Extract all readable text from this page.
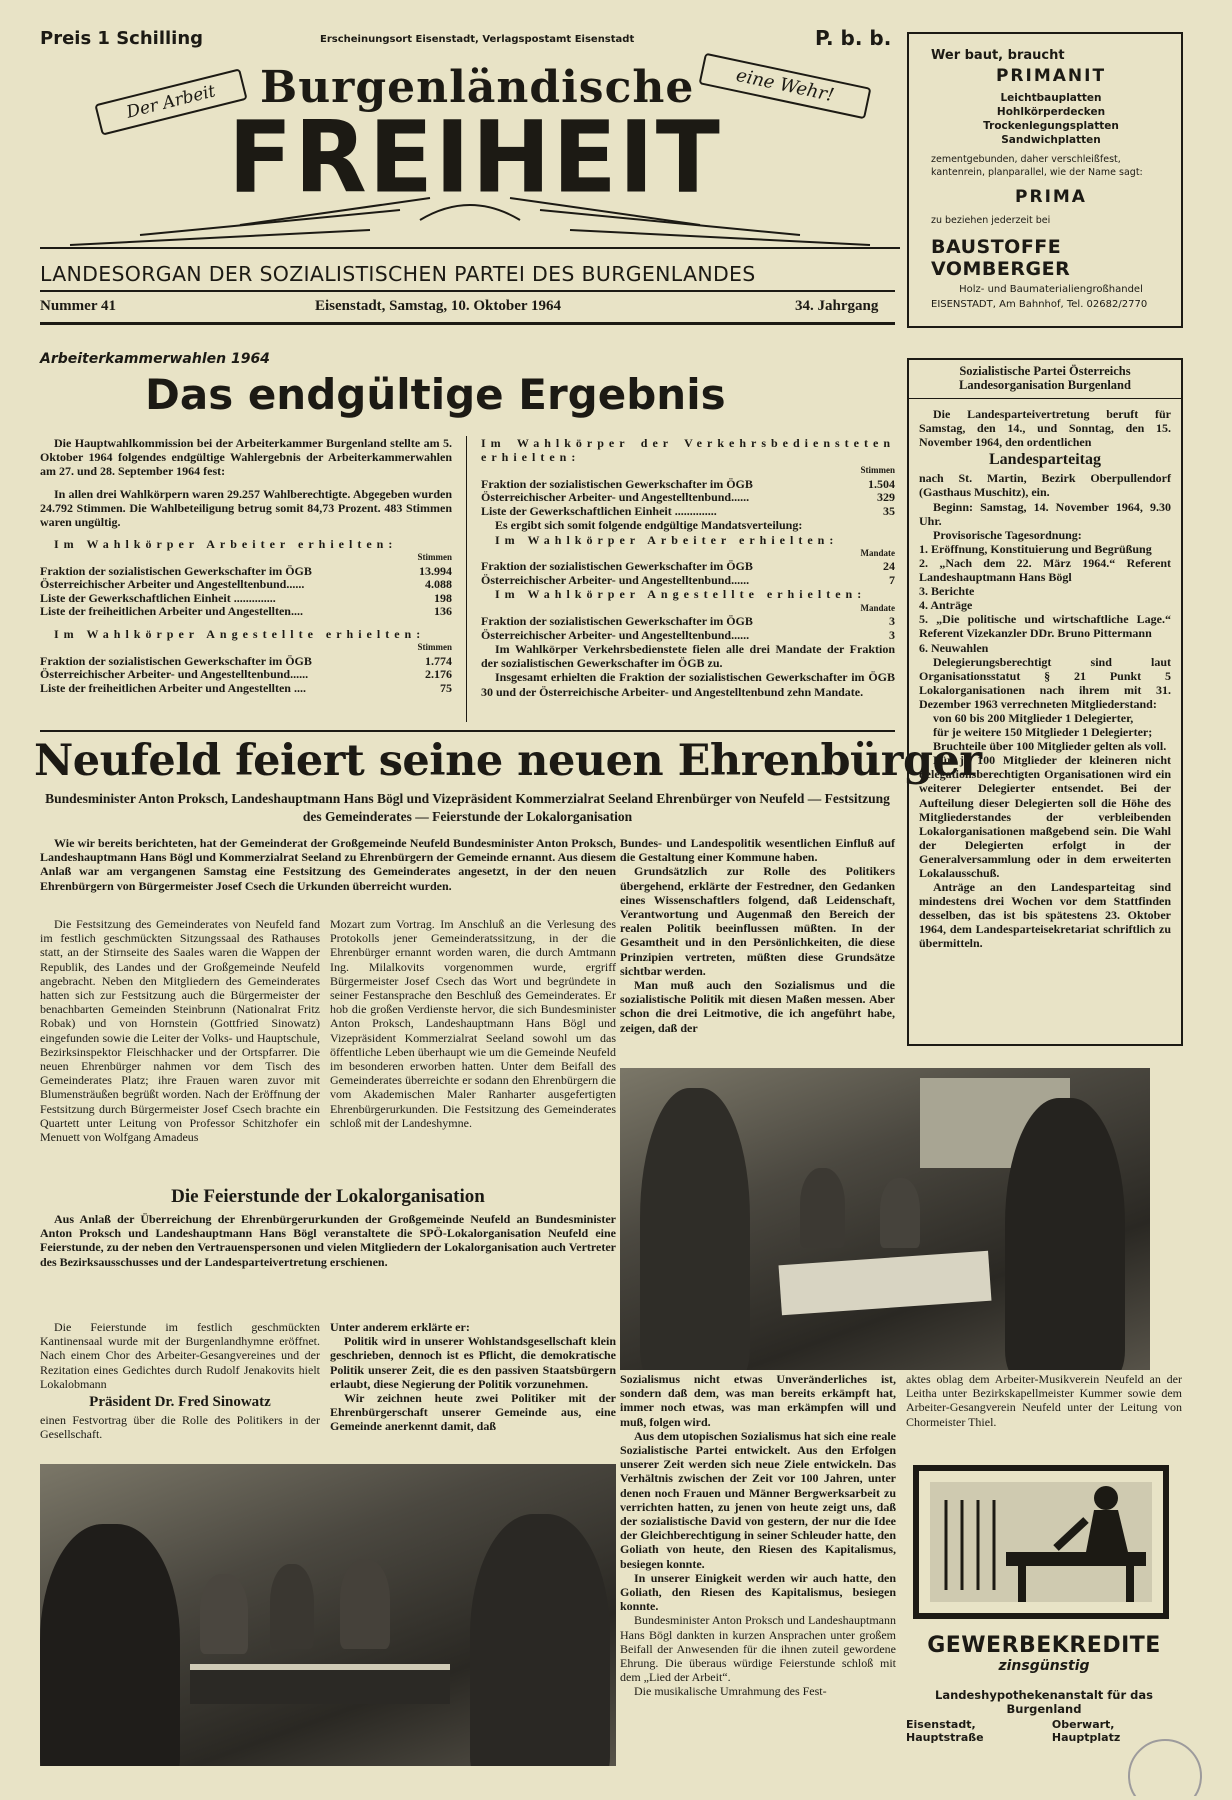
Preis 1 Schilling	Erscheinungsort Eisenstadt, Verlagspostamt Eisenstadt	P. b. b.
Der Arbeit	eine Wehr!
Burgenländische
FREIHEIT
LANDESORGAN DER SOZIALISTISCHEN PARTEI DES BURGENLANDES
Nummer 41	Eisenstadt, Samstag, 10. Oktober 1964	34. Jahrgang
Wer baut, braucht
PRIMANIT
Leichtbauplatten
Hohlkörperdecken
Trockenlegungsplatten
Sandwichplatten
zementgebunden, daher verschleißfest, kantenrein, planparallel, wie der Name sagt:
PRIMA
zu beziehen jederzeit bei
BAUSTOFFE VOMBERGER
Holz- und Baumaterialiengroßhandel
EISENSTADT, Am Bahnhof, Tel. 02682/2770
Arbeiterkammerwahlen 1964
Das endgültige Ergebnis

Die Hauptwahlkommission bei der Arbeiterkammer Burgenland stellte am 5. Oktober 1964 folgendes endgültige Wahlergebnis der Arbeiterkammerwahlen am 27. und 28. September 1964 fest:

In allen drei Wahlkörpern waren 29.257 Wahlberechtigte. Abgegeben wurden 24.792 Stimmen. Die Wahlbeteiligung betrug somit 84,73 Prozent. 483 Stimmen waren ungültig.

Im Wahlkörper Arbeiter erhielten:

	Stimmen
Fraktion der sozialistischen Gewerkschafter im ÖGB	13.994
Österreichischer Arbeiter und Angestelltenbund......	4.088
Liste der Gewerkschaftlichen Einheit ..............	198
Liste der freiheitlichen Arbeiter und Angestellten....	136

Im Wahlkörper Angestellte erhielten:

	Stimmen
Fraktion der sozialistischen Gewerkschafter im ÖGB	1.774
Österreichischer Arbeiter- und Angestelltenbund......	2.176
Liste der freiheitlichen Arbeiter und Angestellten ....	75

Im Wahlkörper der Verkehrsbediensteten erhielten:

	Stimmen
Fraktion der sozialistischen Gewerkschafter im ÖGB	1.504
Österreichischer Arbeiter- und Angestelltenbund......	329
Liste der Gewerkschaftlichen Einheit ..............	35

Es ergibt sich somit folgende endgültige Mandatsverteilung:

Im Wahlkörper Arbeiter erhielten:

	Mandate
Fraktion der sozialistischen Gewerkschafter im ÖGB	24
Österreichischer Arbeiter- und Angestelltenbund......	7

Im Wahlkörper Angestellte erhielten:

	Mandate
Fraktion der sozialistischen Gewerkschafter im ÖGB	3
Österreichischer Arbeiter- und Angestelltenbund......	3

Im Wahlkörper Verkehrsbedienstete fielen alle drei Mandate der Fraktion der sozialistischen Gewerkschafter im ÖGB zu.

Insgesamt erhielten die Fraktion der sozialistischen Gewerkschafter im ÖGB 30 und der Österreichische Arbeiter- und Angestelltenbund zehn Mandate.

Sozialistische Partei Österreichs
Landesorganisation Burgenland

Die Landesparteivertretung beruft für Samstag, den 14., und Sonntag, den 15. November 1964, den ordentlichen

Landesparteitag

nach St. Martin, Bezirk Oberpullendorf (Gasthaus Muschitz), ein.

Beginn: Samstag, 14. November 1964, 9.30 Uhr.

Provisorische Tagesordnung:

1. Eröffnung, Konstituierung und Begrüßung

2. „Nach dem 22. März 1964.“ Referent Landeshauptmann Hans Bögl

3. Berichte

4. Anträge

5. „Die politische und wirtschaftliche Lage.“ Referent Vizekanzler DDr. Bruno Pittermann

6. Neuwahlen

Delegierungsberechtigt sind laut Organisationsstatut § 21 Punkt 5 Lokalorganisationen nach ihrem mit 31. Dezember 1963 verrechneten Mitgliederstand:

von 60 bis 200 Mitglieder 1 Delegierter,

für je weitere 150 Mitglieder 1 Delegierter;

Bruchteile über 100 Mitglieder gelten als voll.

Für je 100 Mitglieder der kleineren nicht delegationsberechtigten Organisationen wird ein weiterer Delegierter entsendet. Bei der Aufteilung dieser Delegierten soll die Höhe des Mitgliederstandes der verbleibenden Lokalorganisationen maßgebend sein. Die Wahl der Delegierten erfolgt in der Generalversammlung oder in dem erweiterten Lokalausschuß.

Anträge an den Landesparteitag sind mindestens drei Wochen vor dem Stattfinden desselben, das ist bis spätestens 23. Oktober 1964, dem Landesparteisekretariat schriftlich zu übermitteln.

Neufeld feiert seine neuen Ehrenbürger
Bundesminister Anton Proksch, Landeshauptmann Hans Bögl und Vizepräsident Kommerzialrat Seeland Ehrenbürger von Neufeld — Festsitzung des Gemeinderates — Feierstunde der Lokalorganisation

Wie wir bereits berichteten, hat der Gemeinderat der Großgemeinde Neufeld Bundesminister Anton Proksch, Landeshauptmann Hans Bögl und Kommerzialrat Seeland zu Ehrenbürgern der Gemeinde ernannt. Aus diesem Anlaß war am vergangenen Samstag eine Festsitzung des Gemeinderates angesetzt, in der den neuen Ehrenbürgern von Bürgermeister Josef Csech die Urkunden überreicht wurden.

Die Festsitzung des Gemeinderates von Neufeld fand im festlich geschmückten Sitzungssaal des Rathauses statt, an der Stirnseite des Saales waren die Wappen der Republik, des Landes und der Großgemeinde Neufeld angebracht. Neben den Mitgliedern des Gemeinderates hatten sich zur Festsitzung auch die Bürgermeister der benachbarten Gemeinden Steinbrunn (Nationalrat Fritz Robak) und von Hornstein (Gottfried Sinowatz) eingefunden sowie die Leiter der Volks- und Hauptschule, Bezirksinspektor Fleischhacker und der Ortspfarrer. Die neuen Ehrenbürger nahmen vor dem Tisch des Gemeinderates Platz; ihre Frauen waren zuvor mit Blumensträußen begrüßt worden. Nach der Eröffnung der Festsitzung durch Bürgermeister Josef Csech brachte ein Quartett unter Leitung von Professor Schitzhofer ein Menuett von Wolfgang Amadeus

Mozart zum Vortrag. Im Anschluß an die Verlesung des Protokolls jener Gemeinderatssitzung, in der die Ehrenbürger ernannt worden waren, die durch Amtmann Ing. Milalkovits vorgenommen wurde, ergriff Bürgermeister Josef Csech das Wort und begründete in seiner Festansprache den Beschluß des Gemeinderates. Er hob die großen Verdienste hervor, die sich Bundesminister Anton Proksch, Landeshauptmann Hans Bögl und Vizepräsident Kommerzialrat Seeland sowohl um das öffentliche Leben überhaupt wie um die Gemeinde Neufeld im besonderen erworben hatten. Unter dem Beifall des Gemeinderates überreichte er sodann den Ehrenbürgern die vom Akademischen Maler Ranharter ausgefertigten Ehrenbürgerurkunden. Die Festsitzung des Gemeinderates schloß mit der Landeshymne.

Bundes- und Landespolitik wesentlichen Einfluß auf die Gestaltung einer Kommune haben.

Grundsätzlich zur Rolle des Politikers übergehend, erklärte der Festredner, den Gedanken eines Wissenschaftlers folgend, daß Leidenschaft, Verantwortung und Augenmaß den Bereich der realen Politik beeinflussen müßten. In der Gesamtheit und in den Persönlichkeiten, die diese Prinzipien vertreten, müßten diese Grundsätze sichtbar werden.

Man muß auch den Sozialismus und die sozialistische Politik mit diesen Maßen messen. Aber schon die drei Leitmotive, die ich angeführt habe, zeigen, daß der

Die Feierstunde der Lokalorganisation

Aus Anlaß der Überreichung der Ehrenbürgerurkunden der Großgemeinde Neufeld an Bundesminister Anton Proksch und Landeshauptmann Hans Bögl veranstaltete die SPÖ-Lokalorganisation Neufeld eine Feierstunde, zu der neben den Vertrauenspersonen und vielen Mitgliedern der Lokalorganisation auch Vertreter des Bezirksausschusses und der Landesparteivertretung erschienen.

Die Feierstunde im festlich geschmückten Kantinensaal wurde mit der Burgenlandhymne eröffnet. Nach einem Chor des Arbeiter-Gesangvereines und der Rezitation eines Gedichtes durch Rudolf Jenakovits hielt Lokalobmann

Präsident Dr. Fred Sinowatz

einen Festvortrag über die Rolle des Politikers in der Gesellschaft.

Unter anderem erklärte er:

Politik wird in unserer Wohlstandsgesellschaft klein geschrieben, dennoch ist es Pflicht, die demokratische Politik unserer Zeit, die es den passiven Staatsbürgern erlaubt, diese Negierung der Politik vorzunehmen.

Wir zeichnen heute zwei Politiker mit der Ehrenbürgerschaft unserer Gemeinde aus, eine Gemeinde anerkennt damit, daß

Sozialismus nicht etwas Unveränderliches ist, sondern daß dem, was man bereits erkämpft hat, immer noch etwas, was man erkämpfen will und muß, folgen wird.

Aus dem utopischen Sozialismus hat sich eine reale Sozialistische Partei entwickelt. Aus den Erfolgen unserer Zeit werden sich neue Ziele entwickeln. Das Verhältnis zwischen der Zeit vor 100 Jahren, unter denen noch Frauen und Männer Bergwerksarbeit zu verrichten hatten, zu jenen von heute zeigt uns, daß der sozialistische David von gestern, der nur die Idee der Gleichberechtigung in seiner Schleuder hatte, den Goliath von heute, den Riesen des Kapitalismus, besiegen konnte.

In unserer Einigkeit werden wir auch hatte, den Goliath, den Riesen des Kapitalismus, besiegen konnte.

Bundesminister Anton Proksch und Landeshauptmann Hans Bögl dankten in kurzen Ansprachen unter großem Beifall der Anwesenden für die ihnen zuteil gewordene Ehrung. Die überaus würdige Feierstunde schloß mit dem „Lied der Arbeit“.

Die musikalische Umrahmung des Fest-

aktes oblag dem Arbeiter-Musikverein Neufeld an der Leitha unter Bezirkskapellmeister Kummer sowie dem Arbeiter-Gesangverein Neufeld unter der Leitung von Chormeister Thiel.

GEWERBEKREDITE
zinsgünstig
Landeshypothekenanstalt für das Burgenland
Eisenstadt, Hauptstraße
Oberwart, Hauptplatz
